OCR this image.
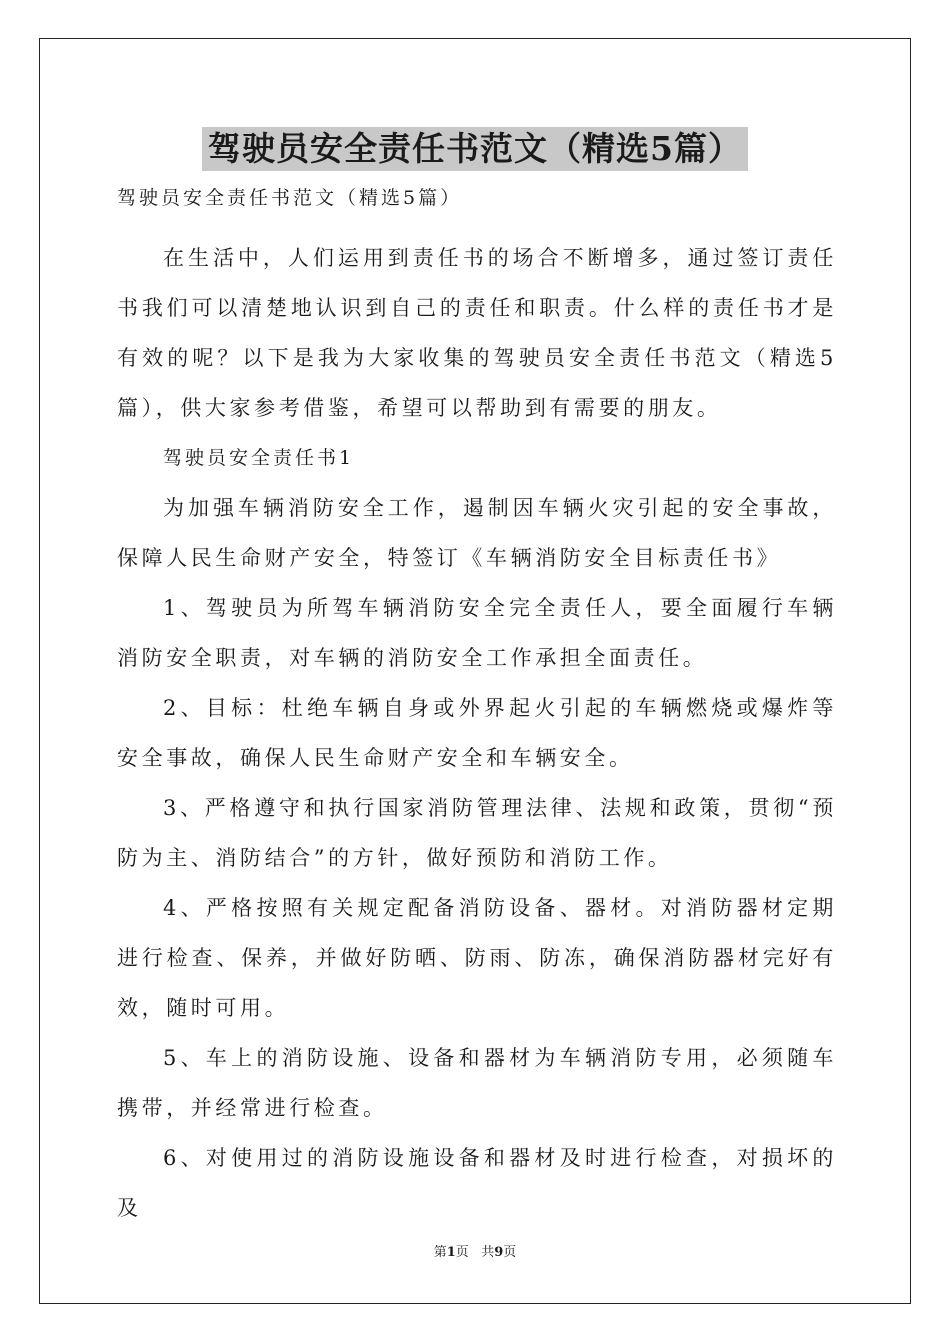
驾驶员安全责任书范文（精选5篇）

驾驶员安全责任书范文（精选5篇）

在生活中，人们运用到责任书的场合不断增多，通过签订责任书我们可以清楚地认识到自己的责任和职责。什么样的责任书才是有效的呢？以下是我为大家收集的驾驶员安全责任书范文（精选5篇），供大家参考借鉴，希望可以帮助到有需要的朋友。

驾驶员安全责任书1

为加强车辆消防安全工作，遏制因车辆火灾引起的安全事故，保障人民生命财产安全，特签订《车辆消防安全目标责任书》

1、驾驶员为所驾车辆消防安全完全责任人，要全面履行车辆消防安全职责，对车辆的消防安全工作承担全面责任。

2、目标：杜绝车辆自身或外界起火引起的车辆燃烧或爆炸等安全事故，确保人民生命财产安全和车辆安全。

3、严格遵守和执行国家消防管理法律、法规和政策，贯彻“预防为主、消防结合”的方针，做好预防和消防工作。

4、严格按照有关规定配备消防设备、器材。对消防器材定期进行检查、保养，并做好防晒、防雨、防冻，确保消防器材完好有效，随时可用。

5、车上的消防设施、设备和器材为车辆消防专用，必须随车携带，并经常进行检查。

6、对使用过的消防设施设备和器材及时进行检查，对损坏的及

第1页 共9页
